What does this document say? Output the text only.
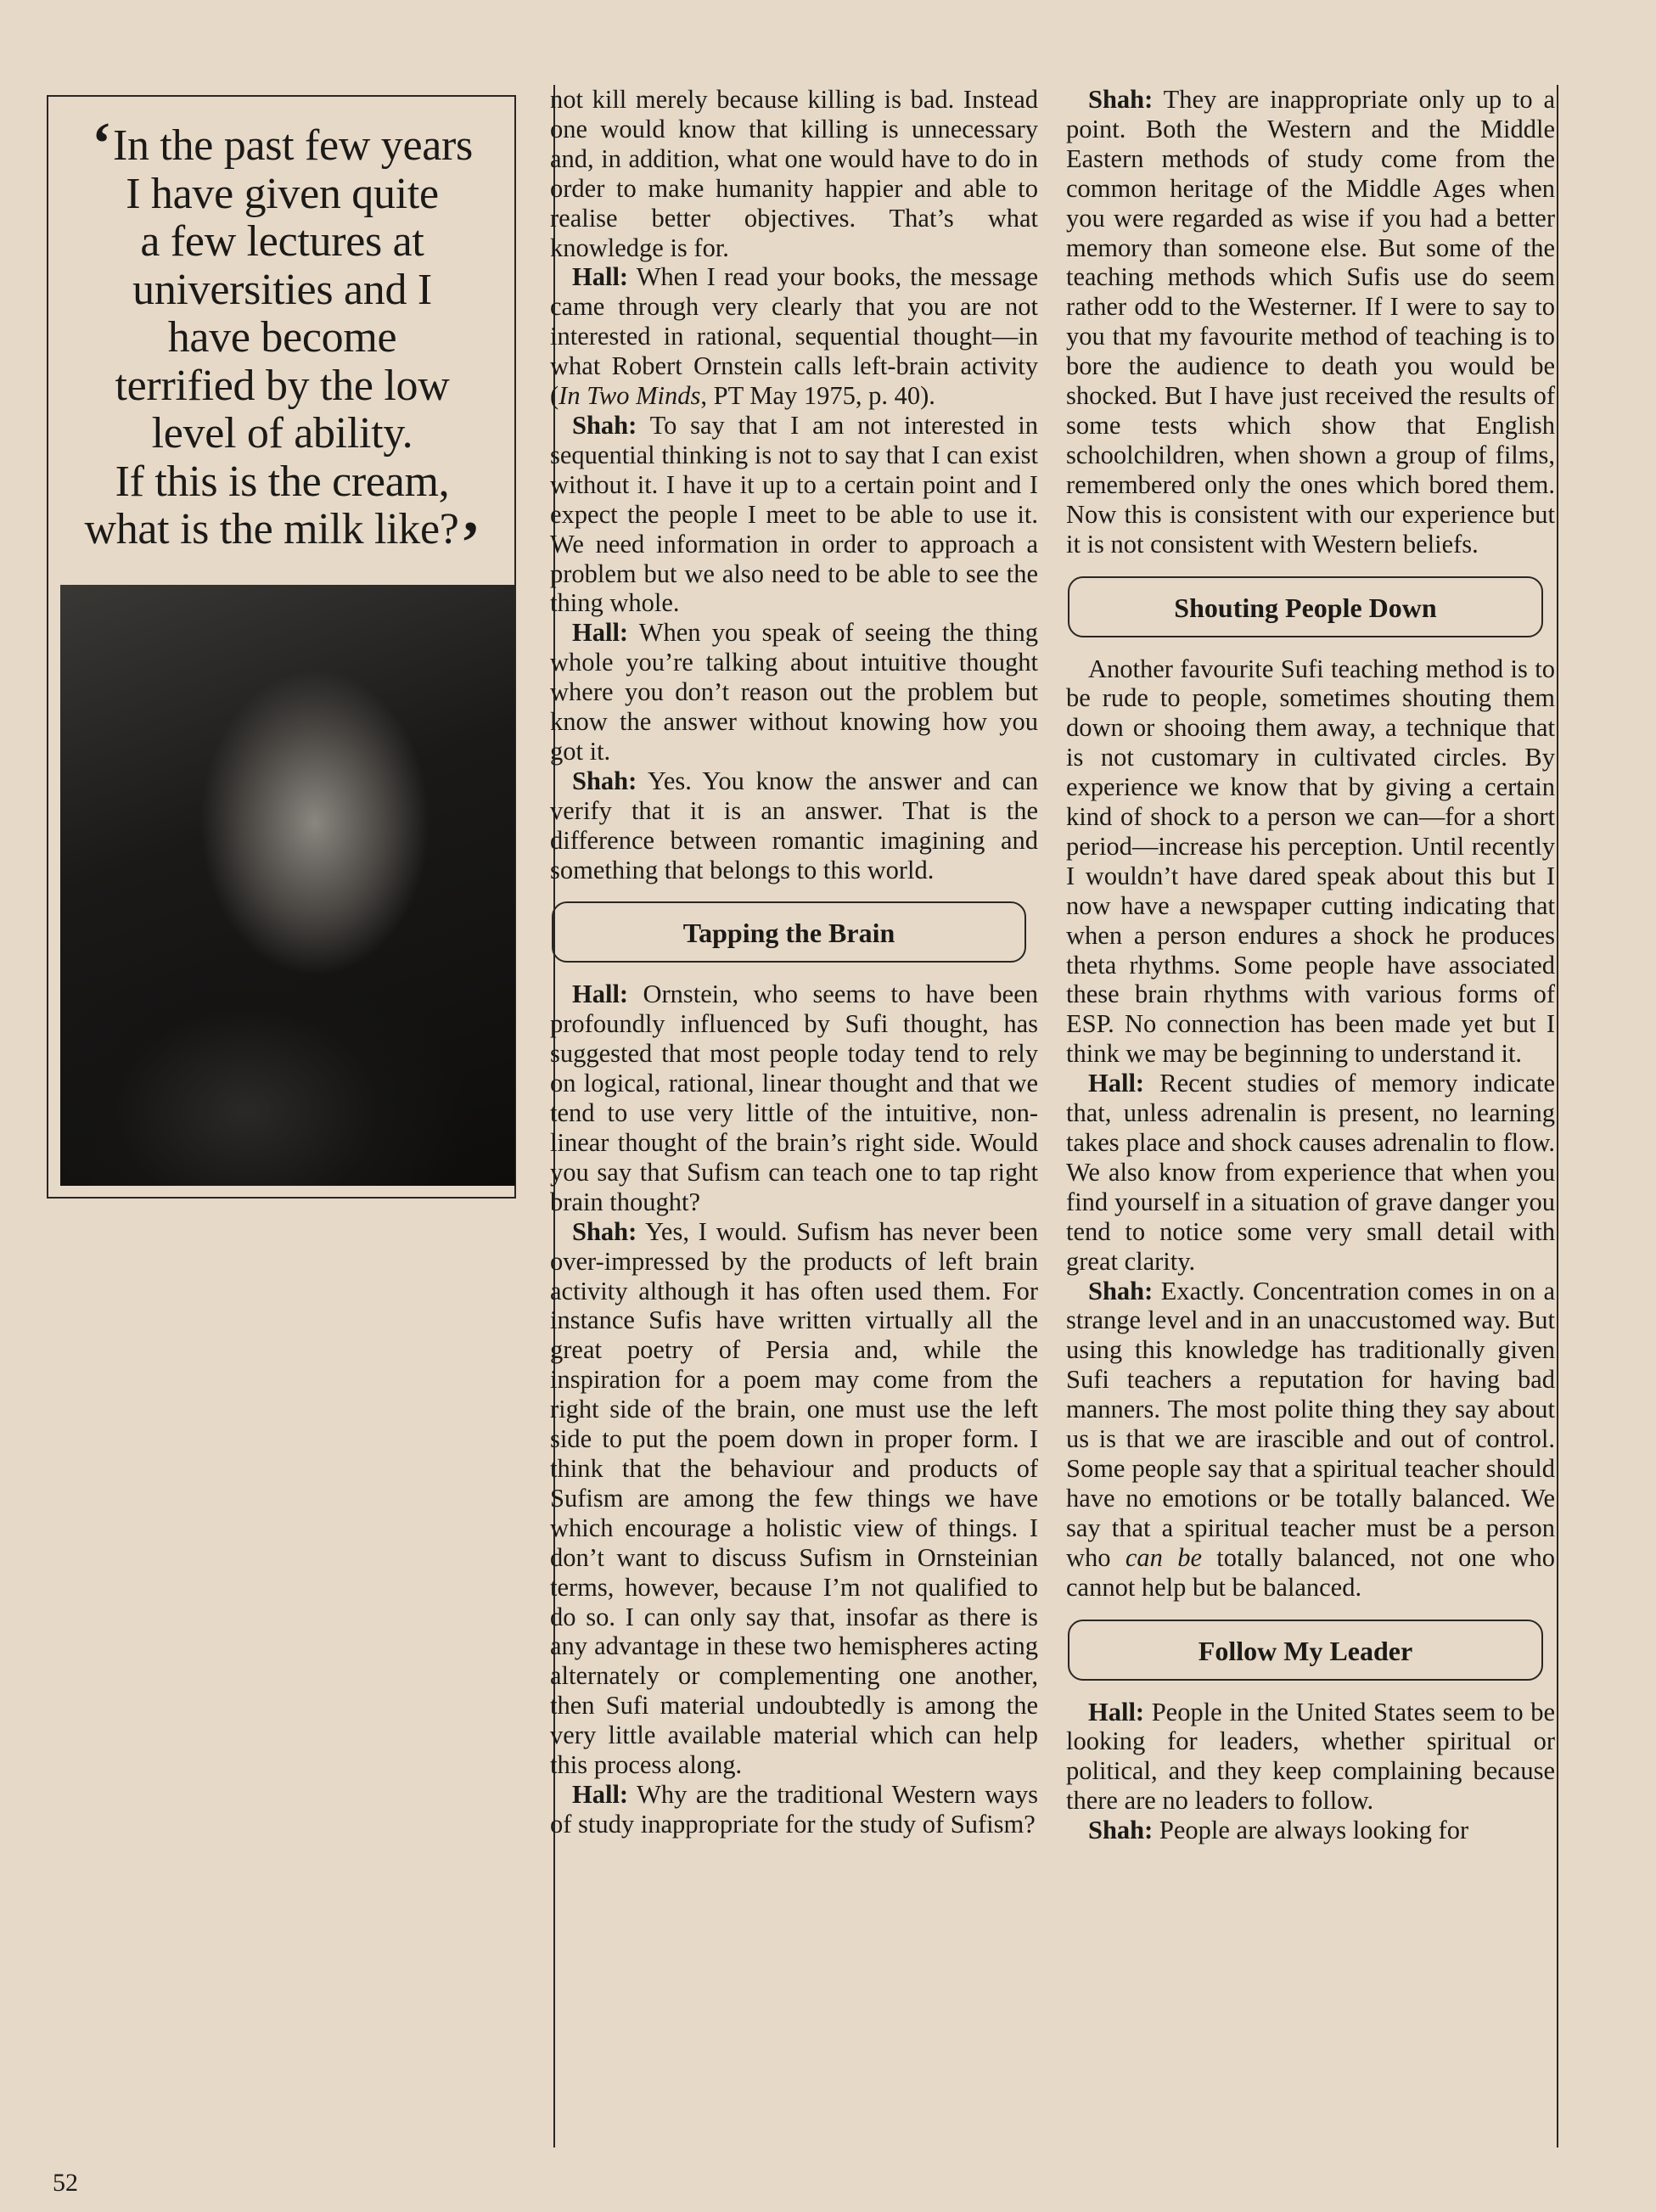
‘In the past few years
I have given quite
a few lectures at
universities and I
have become
terrified by the low
level of ability.
If this is the cream,
what is the milk like?’

not kill merely because killing is bad. Instead one would know that killing is unnecessary and, in addition, what one would have to do in order to make humanity happier and able to realise better objectives. That’s what knowledge is for.

Hall: When I read your books, the message came through very clearly that you are not interested in rational, sequential thought—in what Robert Ornstein calls left-brain activity (In Two Minds, PT May 1975, p. 40).

Shah: To say that I am not interested in sequential thinking is not to say that I can exist without it. I have it up to a certain point and I expect the people I meet to be able to use it. We need information in order to approach a problem but we also need to be able to see the thing whole.

Hall: When you speak of seeing the thing whole you’re talking about intuitive thought where you don’t reason out the problem but know the answer without knowing how you got it.

Shah: Yes. You know the answer and can verify that it is an answer. That is the difference between romantic imagining and something that belongs to this world.

Tapping the Brain

Hall: Ornstein, who seems to have been profoundly influenced by Sufi thought, has suggested that most people today tend to rely on logical, rational, linear thought and that we tend to use very little of the intuitive, non-linear thought of the brain’s right side. Would you say that Sufism can teach one to tap right brain thought?

Shah: Yes, I would. Sufism has never been over-impressed by the products of left brain activity although it has often used them. For instance Sufis have written virtually all the great poetry of Persia and, while the inspiration for a poem may come from the right side of the brain, one must use the left side to put the poem down in proper form. I think that the behaviour and products of Sufism are among the few things we have which encourage a holistic view of things. I don’t want to discuss Sufism in Ornsteinian terms, however, because I’m not qualified to do so. I can only say that, insofar as there is any advantage in these two hemispheres acting alternately or complementing one another, then Sufi material undoubtedly is among the very little available material which can help this process along.

Hall: Why are the traditional Western ways of study inappropriate for the study of Sufism?

Shah: They are inappropriate only up to a point. Both the Western and the Middle Eastern methods of study come from the common heritage of the Middle Ages when you were regarded as wise if you had a better memory than someone else. But some of the teaching methods which Sufis use do seem rather odd to the Westerner. If I were to say to you that my favourite method of teaching is to bore the audience to death you would be shocked. But I have just received the results of some tests which show that English schoolchildren, when shown a group of films, remembered only the ones which bored them. Now this is consistent with our experience but it is not consistent with Western beliefs.

Shouting People Down

Another favourite Sufi teaching method is to be rude to people, sometimes shouting them down or shooing them away, a technique that is not customary in cultivated circles. By experience we know that by giving a certain kind of shock to a person we can—for a short period—increase his perception. Until recently I wouldn’t have dared speak about this but I now have a newspaper cutting indicating that when a person endures a shock he produces theta rhythms. Some people have associated these brain rhythms with various forms of ESP. No connection has been made yet but I think we may be beginning to understand it.

Hall: Recent studies of memory indicate that, unless adrenalin is present, no learning takes place and shock causes adrenalin to flow. We also know from experience that when you find yourself in a situation of grave danger you tend to notice some very small detail with great clarity.

Shah: Exactly. Concentration comes in on a strange level and in an unaccustomed way. But using this knowledge has traditionally given Sufi teachers a reputation for having bad manners. The most polite thing they say about us is that we are irascible and out of control. Some people say that a spiritual teacher should have no emotions or be totally balanced. We say that a spiritual teacher must be a person who can be totally balanced, not one who cannot help but be balanced.

Follow My Leader

Hall: People in the United States seem to be looking for leaders, whether spiritual or political, and they keep complaining because there are no leaders to follow.

Shah: People are always looking for

52
